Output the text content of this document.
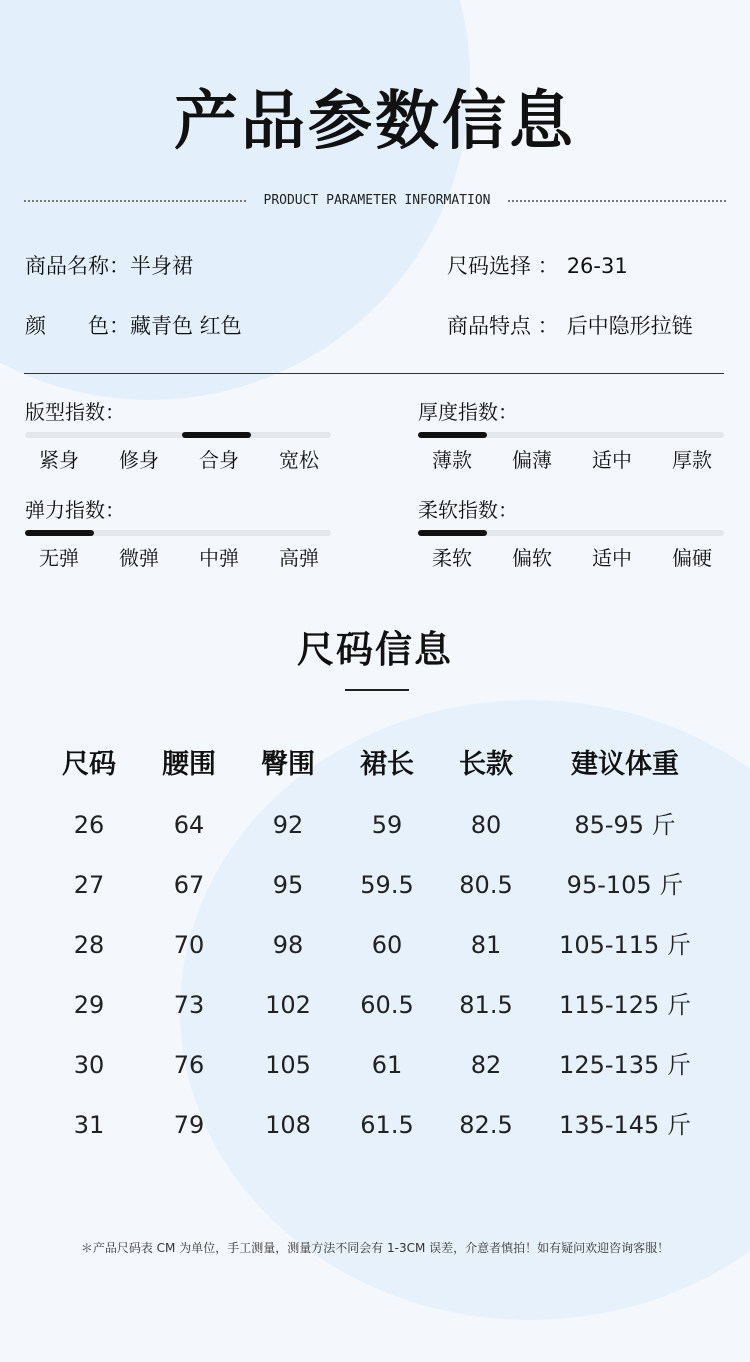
产品参数信息
PRODUCT PARAMETER INFORMATION
商品名称：半身裙	尺码选择 ： 26-31
颜　　色：藏青色 红色	商品特点 ： 后中隐形拉链
版型指数：
紧身	修身	合身	宽松
厚度指数：
薄款	偏薄	适中	厚款
弹力指数：
无弹	微弹	中弹	高弹
柔软指数：
柔软	偏软	适中	偏硬
尺码信息
尺码	腰围	臀围	裙长	长款	建议体重
26	64	92	59	80	85-95 斤
27	67	95	59.5	80.5	95-105 斤
28	70	98	60	81	105-115 斤
29	73	102	60.5	81.5	115-125 斤
30	76	105	61	82	125-135 斤
31	79	108	61.5	82.5	135-145 斤
＊产品尺码表 CM 为单位，手工测量，测量方法不同会有 1-3CM 误差，介意者慎拍！如有疑问欢迎咨询客服！
